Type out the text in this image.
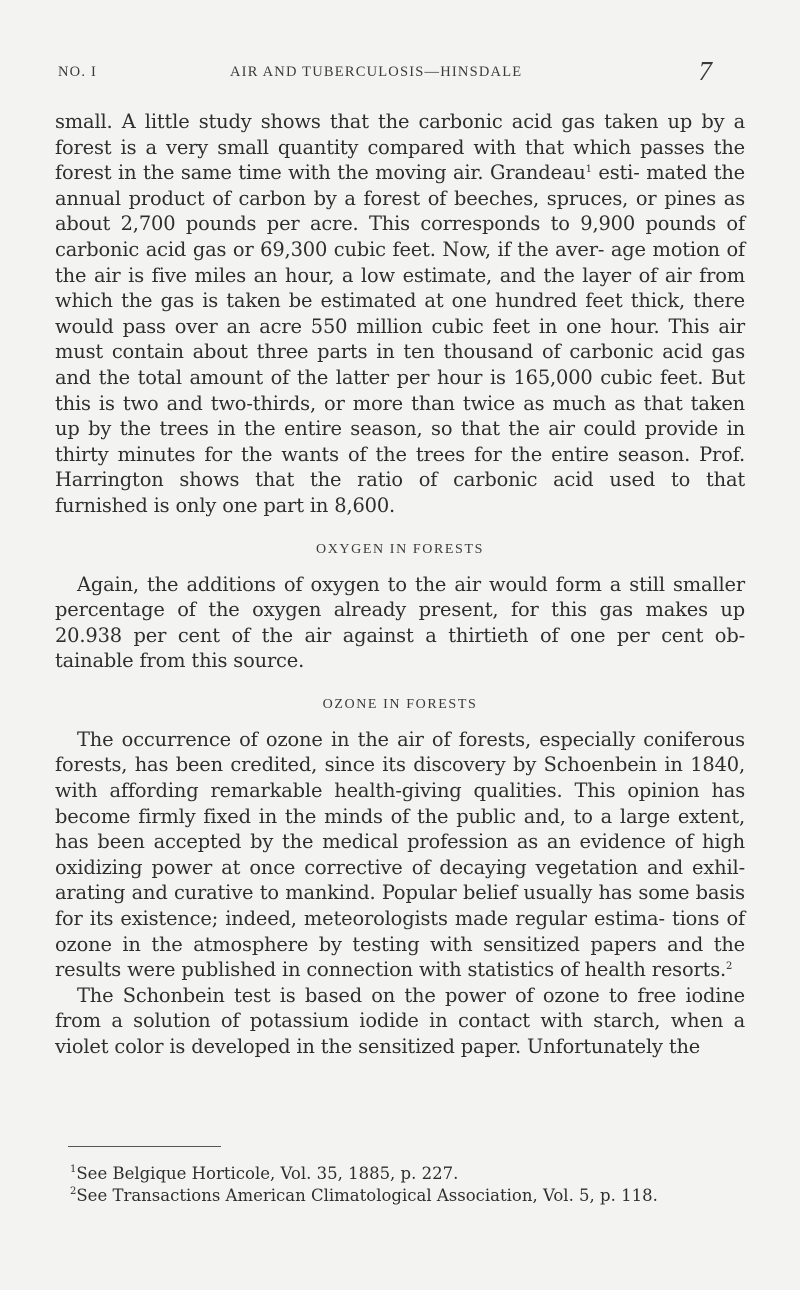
NO. I	AIR AND TUBERCULOSIS—HINSDALE	7

small. A little study shows that the carbonic acid gas taken up by a forest is a very small quantity compared with that which passes the forest in the same time with the moving air. Grandeau$^1$ esti- mated the annual product of carbon by a forest of beeches, spruces, or pines as about 2,700 pounds per acre. This corresponds to 9,900 pounds of carbonic acid gas or 69,300 cubic feet. Now, if the aver- age motion of the air is five miles an hour, a low estimate, and the layer of air from which the gas is taken be estimated at one hundred feet thick, there would pass over an acre 550 million cubic feet in one hour. This air must contain about three parts in ten thousand of carbonic acid gas and the total amount of the latter per hour is 165,000 cubic feet. But this is two and two-thirds, or more than twice as much as that taken up by the trees in the entire season, so that the air could provide in thirty minutes for the wants of the trees for the entire season. Prof. Harrington shows that the ratio of carbonic acid used to that furnished is only one part in 8,600.

OXYGEN IN FORESTS

Again, the additions of oxygen to the air would form a still smaller percentage of the oxygen already present, for this gas makes up 20.938 per cent of the air against a thirtieth of one per cent ob- tainable from this source.

OZONE IN FORESTS

The occurrence of ozone in the air of forests, especially coniferous forests, has been credited, since its discovery by Schoenbein in 1840, with affording remarkable health-giving qualities. This opinion has become firmly fixed in the minds of the public and, to a large extent, has been accepted by the medical profession as an evidence of high oxidizing power at once corrective of decaying vegetation and exhil- arating and curative to mankind. Popular belief usually has some basis for its existence; indeed, meteorologists made regular estima- tions of ozone in the atmosphere by testing with sensitized papers and the results were published in connection with statistics of health resorts.$^2$

The Schonbein test is based on the power of ozone to free iodine from a solution of potassium iodide in contact with starch, when a violet color is developed in the sensitized paper. Unfortunately the

$^1$See Belgique Horticole, Vol. 35, 1885, p. 227.
$^2$See Transactions American Climatological Association, Vol. 5, p. 118.
